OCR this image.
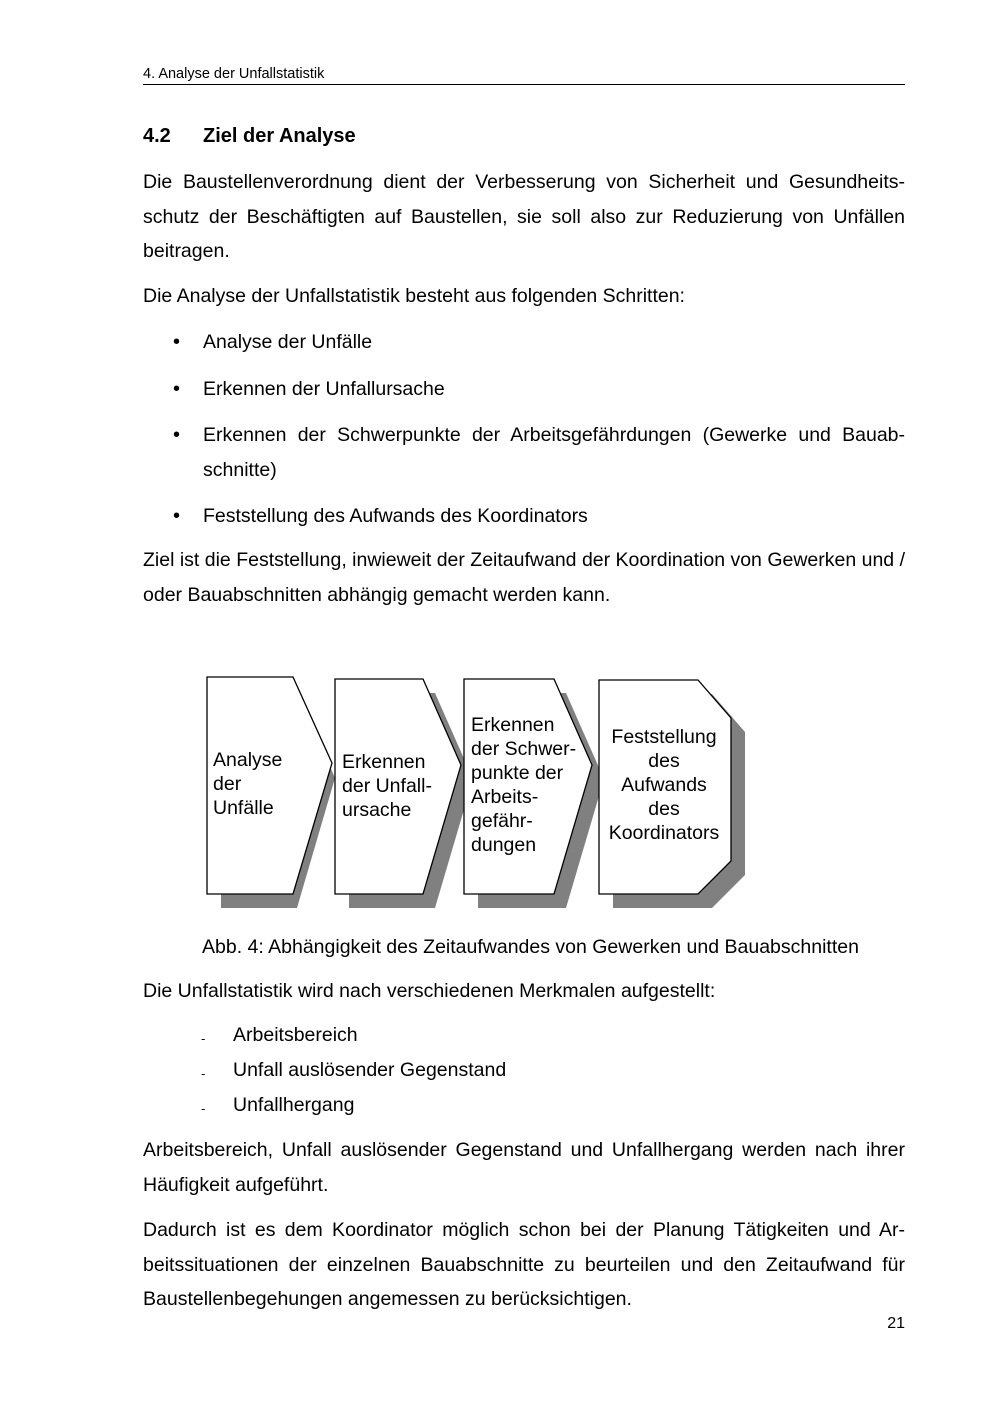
4. Analyse der Unfallstatistik
4.2 Ziel der Analyse

Die Baustellenverordnung dient der Verbesserung von Sicherheit und Gesundheits-schutz der Beschäftigten auf Baustellen, sie soll also zur Reduzierung von Unfällen beitragen.

Die Analyse der Unfallstatistik besteht aus folgenden Schritten:

• Analyse der Unfälle
• Erkennen der Unfallursache
• Erkennen der Schwerpunkte der Arbeitsgefährdungen (Gewerke und Bauab-schnitte)
• Feststellung des Aufwands des Koordinators

Ziel ist die Feststellung, inwieweit der Zeitaufwand der Koordination von Gewerken und / oder Bauabschnitten abhängig gemacht werden kann.

Analyse
der
Unfälle
Erkennen
der Unfall-
ursache
Erkennen
der Schwer-
punkte der
Arbeits-
gefähr-
dungen
Feststellung
des
Aufwands
des
Koordinators
Abb. 4: Abhängigkeit des Zeitaufwandes von Gewerken und Bauabschnitten

Die Unfallstatistik wird nach verschiedenen Merkmalen aufgestellt:

- Arbeitsbereich
- Unfall auslösender Gegenstand
- Unfallhergang

Arbeitsbereich, Unfall auslösender Gegenstand und Unfallhergang werden nach ihrer Häufigkeit aufgeführt.

Dadurch ist es dem Koordinator möglich schon bei der Planung Tätigkeiten und Ar-beitssituationen der einzelnen Bauabschnitte zu beurteilen und den Zeitaufwand für Baustellenbegehungen angemessen zu berücksichtigen.

21
